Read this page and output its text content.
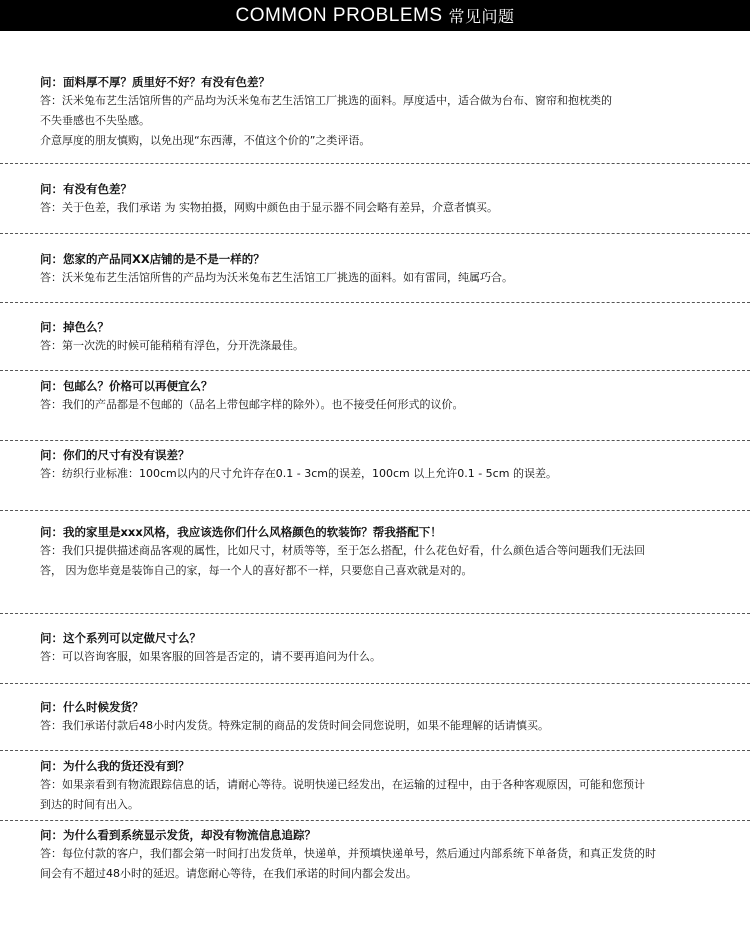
COMMON PROBLEMS 常见问题
问：面料厚不厚？质里好不好？有没有色差？
答：沃米兔布艺生活馆所售的产品均为沃米兔布艺生活馆工厂挑选的面料。厚度适中，适合做为台布、窗帘和抱枕类的
不失垂感也不失坠感。
介意厚度的朋友慎购，以免出现“东西薄，不值这个价的”之类评语。
问：有没有色差？
答：关于色差，我们承诺 为 实物拍摄，网购中颜色由于显示器不同会略有差异，介意者慎买。
问：您家的产品同XX店铺的是不是一样的？
答：沃米兔布艺生活馆所售的产品均为沃米兔布艺生活馆工厂挑选的面料。如有雷同，纯属巧合。
问：掉色么？
答：第一次洗的时候可能稍稍有浮色，分开洗涤最佳。
问：包邮么？价格可以再便宜么？
答：我们的产品都是不包邮的（品名上带包邮字样的除外）。也不接受任何形式的议价。
问：你们的尺寸有没有误差？
答：纺织行业标准：100cm以内的尺寸允许存在0.1 - 3cm的误差，100cm 以上允许0.1 - 5cm 的误差。
问：我的家里是xxx风格，我应该选你们什么风格颜色的软装饰？帮我搭配下！
答：我们只提供描述商品客观的属性，比如尺寸，材质等等，至于怎么搭配，什么花色好看，什么颜色适合等问题我们无法回
答， 因为您毕竟是装饰自己的家，每一个人的喜好都不一样，只要您自己喜欢就是对的。
问：这个系列可以定做尺寸么？
答：可以咨询客服，如果客服的回答是否定的，请不要再追问为什么。
问：什么时候发货？
答：我们承诺付款后48小时内发货。特殊定制的商品的发货时间会同您说明，如果不能理解的话请慎买。
问：为什么我的货还没有到？
答：如果亲看到有物流跟踪信息的话，请耐心等待。说明快递已经发出，在运输的过程中，由于各种客观原因，可能和您预计
到达的时间有出入。
问：为什么看到系统显示发货，却没有物流信息追踪？
答：每位付款的客户，我们都会第一时间打出发货单，快递单，并预填快递单号，然后通过内部系统下单备货，和真正发货的时
间会有不超过48小时的延迟。请您耐心等待，在我们承诺的时间内都会发出。
